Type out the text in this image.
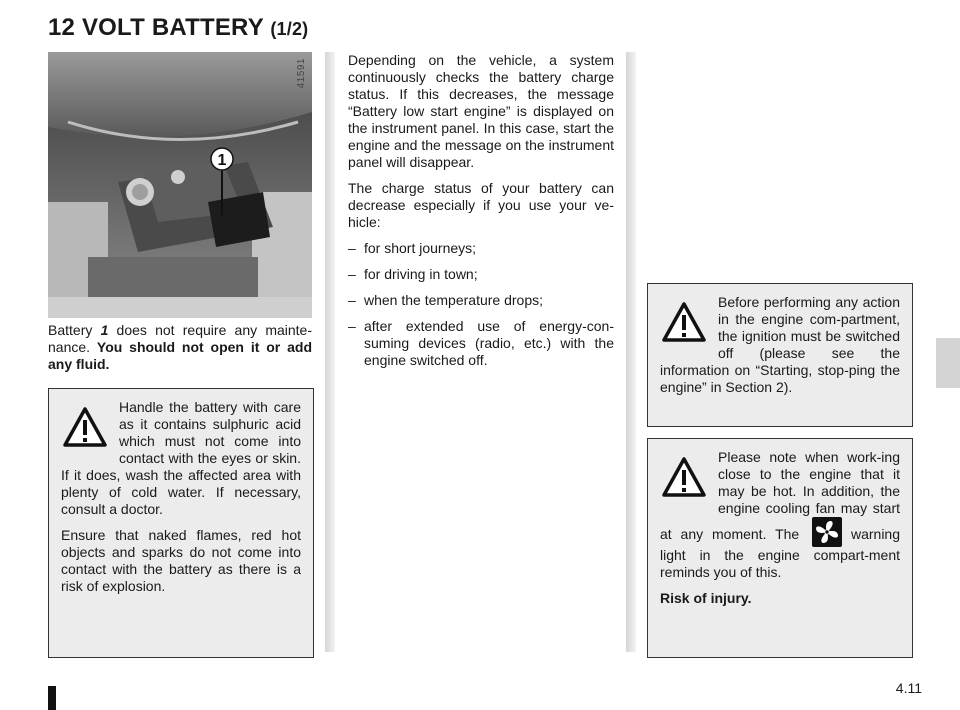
12 VOLT BATTERY (1/2)
1
41591
Battery 1 does not require any mainte-nance. You should not open it or add any fluid.

Handle the battery with care as it contains sulphuric acid which must not come into contact with the eyes or skin. If it does, wash the affected area with plenty of cold water. If necessary, consult a doctor.

Ensure that naked flames, red hot objects and sparks do not come into contact with the battery as there is a risk of explosion.

Depending on the vehicle, a system continuously checks the battery charge status. If this decreases, the message “Battery low start engine” is displayed on the instrument panel. In this case, start the engine and the message on the instrument panel will disappear.

The charge status of your battery can decrease especially if you use your ve-hicle:

– for short journeys;
– for driving in town;
– when the temperature drops;
– after extended use of energy-con-suming devices (radio, etc.) with the engine switched off.

Before performing any action in the engine com-partment, the ignition must be switched off (please see the information on “Starting, stop-ping the engine” in Section 2).

Please note when work-ing close to the engine that it may be hot. In addition, the engine cooling fan may start at any moment. The
warning light in the engine compart-ment reminds you of this.

Risk of injury.

4.11
